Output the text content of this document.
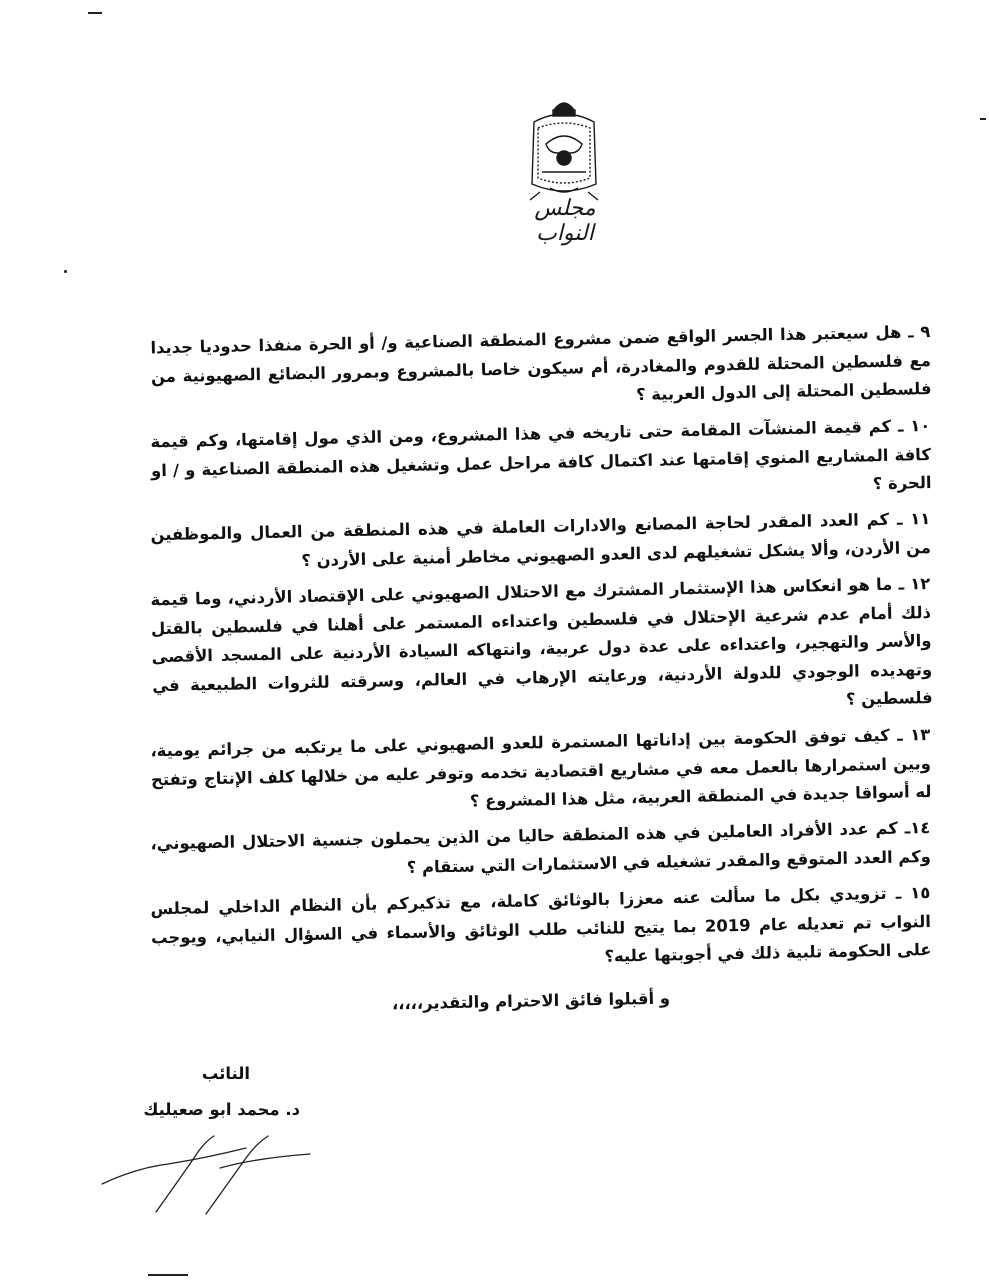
مجلس النواب
٩ ـ هل سيعتبر هذا الجسر الواقع ضمن مشروع المنطقة الصناعية و/ أو الحرة منفذا حدوديا جديدا مع فلسطين المحتلة للقدوم والمغادرة، أم سيكون خاصا بالمشروع وبمرور البضائع الصهيونية من فلسطين المحتلة إلى الدول العربية ؟
١٠ ـ كم قيمة المنشآت المقامة حتى تاريخه في هذا المشروع، ومن الذي مول إقامتها، وكم قيمة كافة المشاريع المنوي إقامتها عند اكتمال كافة مراحل عمل وتشغيل هذه المنطقة الصناعية و / او الحرة ؟
١١ ـ كم العدد المقدر لحاجة المصانع والادارات العاملة في هذه المنطقة من العمال والموظفين من الأردن، وألا يشكل تشغيلهم لدى العدو الصهيوني مخاطر أمنية على الأردن ؟
١٢ ـ ما هو انعكاس هذا الإستثمار المشترك مع الاحتلال الصهيوني على الإقتصاد الأردني، وما قيمة ذلك أمام عدم شرعية الإحتلال في فلسطين واعتداءه المستمر على أهلنا في فلسطين بالقتل والأسر والتهجير، واعتداءه على عدة دول عربية، وانتهاكه السيادة الأردنية على المسجد الأقصى وتهديده الوجودي للدولة الأردنية، ورعايته الإرهاب في العالم، وسرقته للثروات الطبيعية في فلسطين ؟
١٣ ـ كيف توفق الحكومة بين إداناتها المستمرة للعدو الصهيوني على ما يرتكبه من جرائم يومية، وبين استمرارها بالعمل معه في مشاريع اقتصادية تخدمه وتوفر عليه من خلالها كلف الإنتاج وتفتح له أسواقا جديدة في المنطقة العربية، مثل هذا المشروع ؟
١٤ـ كم عدد الأفراد العاملين في هذه المنطقة حاليا من الذين يحملون جنسية الاحتلال الصهيوني، وكم العدد المتوقع والمقدر تشغيله في الاستثمارات التي ستقام ؟
١٥ ـ تزويدي بكل ما سألت عنه معززا بالوثائق كاملة، مع تذكيركم بأن النظام الداخلي لمجلس النواب تم تعديله عام 2019 بما يتيح للنائب طلب الوثائق والأسماء في السؤال النيابي، ويوجب على الحكومة تلبية ذلك في أجوبتها عليه؟
و أقبلوا فائق الاحترام والتقدير،،،،،
النائب
د. محمد ابو صعيليك
